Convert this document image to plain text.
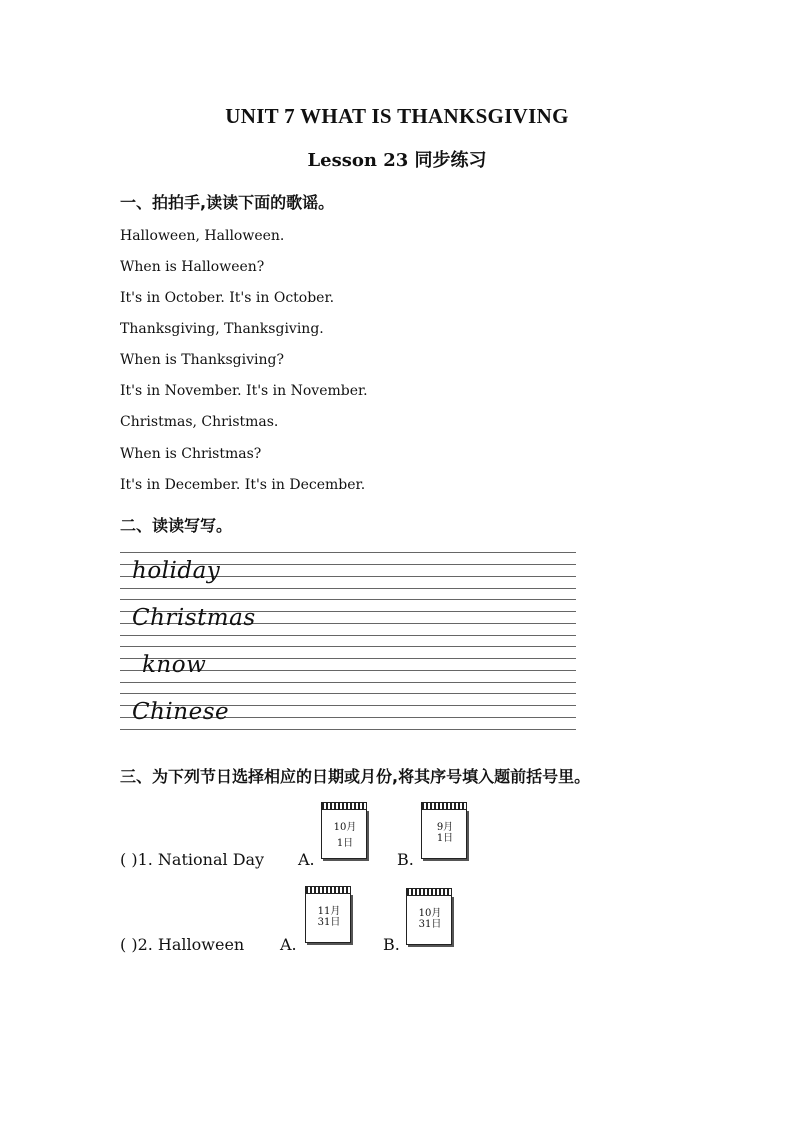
UNIT 7 WHAT IS THANKSGIVING
Lesson 23 同步练习
一、拍拍手,读读下面的歌谣。
Halloween, Halloween.
When is Halloween?
It's in October. It's in October.
Thanksgiving, Thanksgiving.
When is Thanksgiving?
It's in November. It's in November.
Christmas, Christmas.
When is Christmas?
It's in December. It's in December.
二、读读写写。
holiday
Christmas
know
Chinese
三、为下列节日选择相应的日期或月份,将其序号填入题前括号里。
( )1. National Day A.
10月
1日
B.
9月
1日
( )2. Halloween A.
11月
31日
B.
10月
31日
